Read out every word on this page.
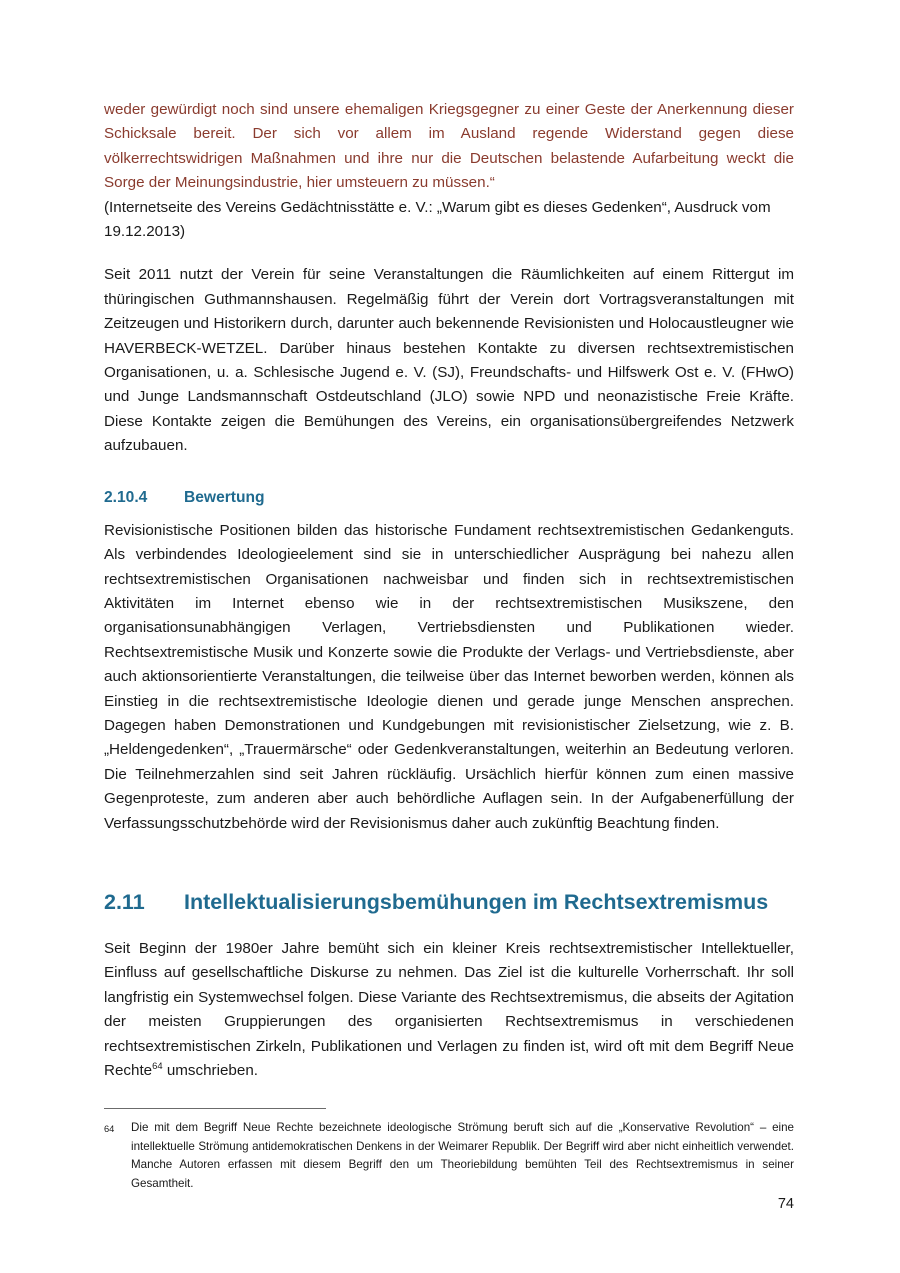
weder gewürdigt noch sind unsere ehemaligen Kriegsgegner zu einer Geste der Anerkennung dieser Schicksale bereit. Der sich vor allem im Ausland regende Widerstand gegen diese völkerrechtswidrigen Maßnahmen und ihre nur die Deutschen belastende Aufarbeitung weckt die Sorge der Meinungsindustrie, hier umsteuern zu müssen.“

(Internetseite des Vereins Gedächtnisstätte e. V.: „Warum gibt es dieses Gedenken“, Ausdruck vom 19.12.2013)

Seit 2011 nutzt der Verein für seine Veranstaltungen die Räumlichkeiten auf einem Rittergut im thüringischen Guthmannshausen. Regelmäßig führt der Verein dort Vortragsveranstaltungen mit Zeitzeugen und Historikern durch, darunter auch bekennende Revisionisten und Holocaustleugner wie HAVERBECK-WETZEL. Darüber hinaus bestehen Kontakte zu diversen rechtsextremistischen Organisationen, u. a. Schlesische Jugend e. V. (SJ), Freundschafts- und Hilfswerk Ost e. V. (FHwO) und Junge Landsmannschaft Ostdeutschland (JLO) sowie NPD und neonazistische Freie Kräfte. Diese Kontakte zeigen die Bemühungen des Vereins, ein organisationsübergreifendes Netzwerk aufzubauen.

2.10.4	Bewertung

Revisionistische Positionen bilden das historische Fundament rechtsextremistischen Gedankenguts. Als verbindendes Ideologieelement sind sie in unterschiedlicher Ausprägung bei nahezu allen rechtsextremistischen Organisationen nachweisbar und finden sich in rechtsextremistischen Aktivitäten im Internet ebenso wie in der rechtsextremistischen Musikszene, den organisationsunabhängigen Verlagen, Vertriebsdiensten und Publikationen wieder. Rechtsextremistische Musik und Konzerte sowie die Produkte der Verlags- und Vertriebsdienste, aber auch aktionsorientierte Veranstaltungen, die teilweise über das Internet beworben werden, können als Einstieg in die rechtsextremistische Ideologie dienen und gerade junge Menschen ansprechen. Dagegen haben Demonstrationen und Kundgebungen mit revisionistischer Zielsetzung, wie z. B. „Heldengedenken“, „Trauermärsche“ oder Gedenkveranstaltungen, weiterhin an Bedeutung verloren. Die Teilnehmerzahlen sind seit Jahren rückläufig. Ursächlich hierfür können zum einen massive Gegenproteste, zum anderen aber auch behördliche Auflagen sein. In der Aufgabenerfüllung der Verfassungsschutzbehörde wird der Revisionismus daher auch zukünftig Beachtung finden.

2.11	Intellektualisierungsbemühungen im Rechtsextremismus

Seit Beginn der 1980er Jahre bemüht sich ein kleiner Kreis rechtsextremistischer Intellektueller, Einfluss auf gesellschaftliche Diskurse zu nehmen. Das Ziel ist die kulturelle Vorherrschaft. Ihr soll langfristig ein Systemwechsel folgen. Diese Variante des Rechtsextremismus, die abseits der Agitation der meisten Gruppierungen des organisierten Rechtsextremismus in verschiedenen rechtsextremistischen Zirkeln, Publikationen und Verlagen zu finden ist, wird oft mit dem Begriff Neue Rechte$^{64}$ umschrieben.

64	Die mit dem Begriff Neue Rechte bezeichnete ideologische Strömung beruft sich auf die „Konservative Revolution“ – eine intellektuelle Strömung antidemokratischen Denkens in der Weimarer Republik. Der Begriff wird aber nicht einheitlich verwendet. Manche Autoren erfassen mit diesem Begriff den um Theoriebildung bemühten Teil des Rechtsextremismus in seiner Gesamtheit.
74
